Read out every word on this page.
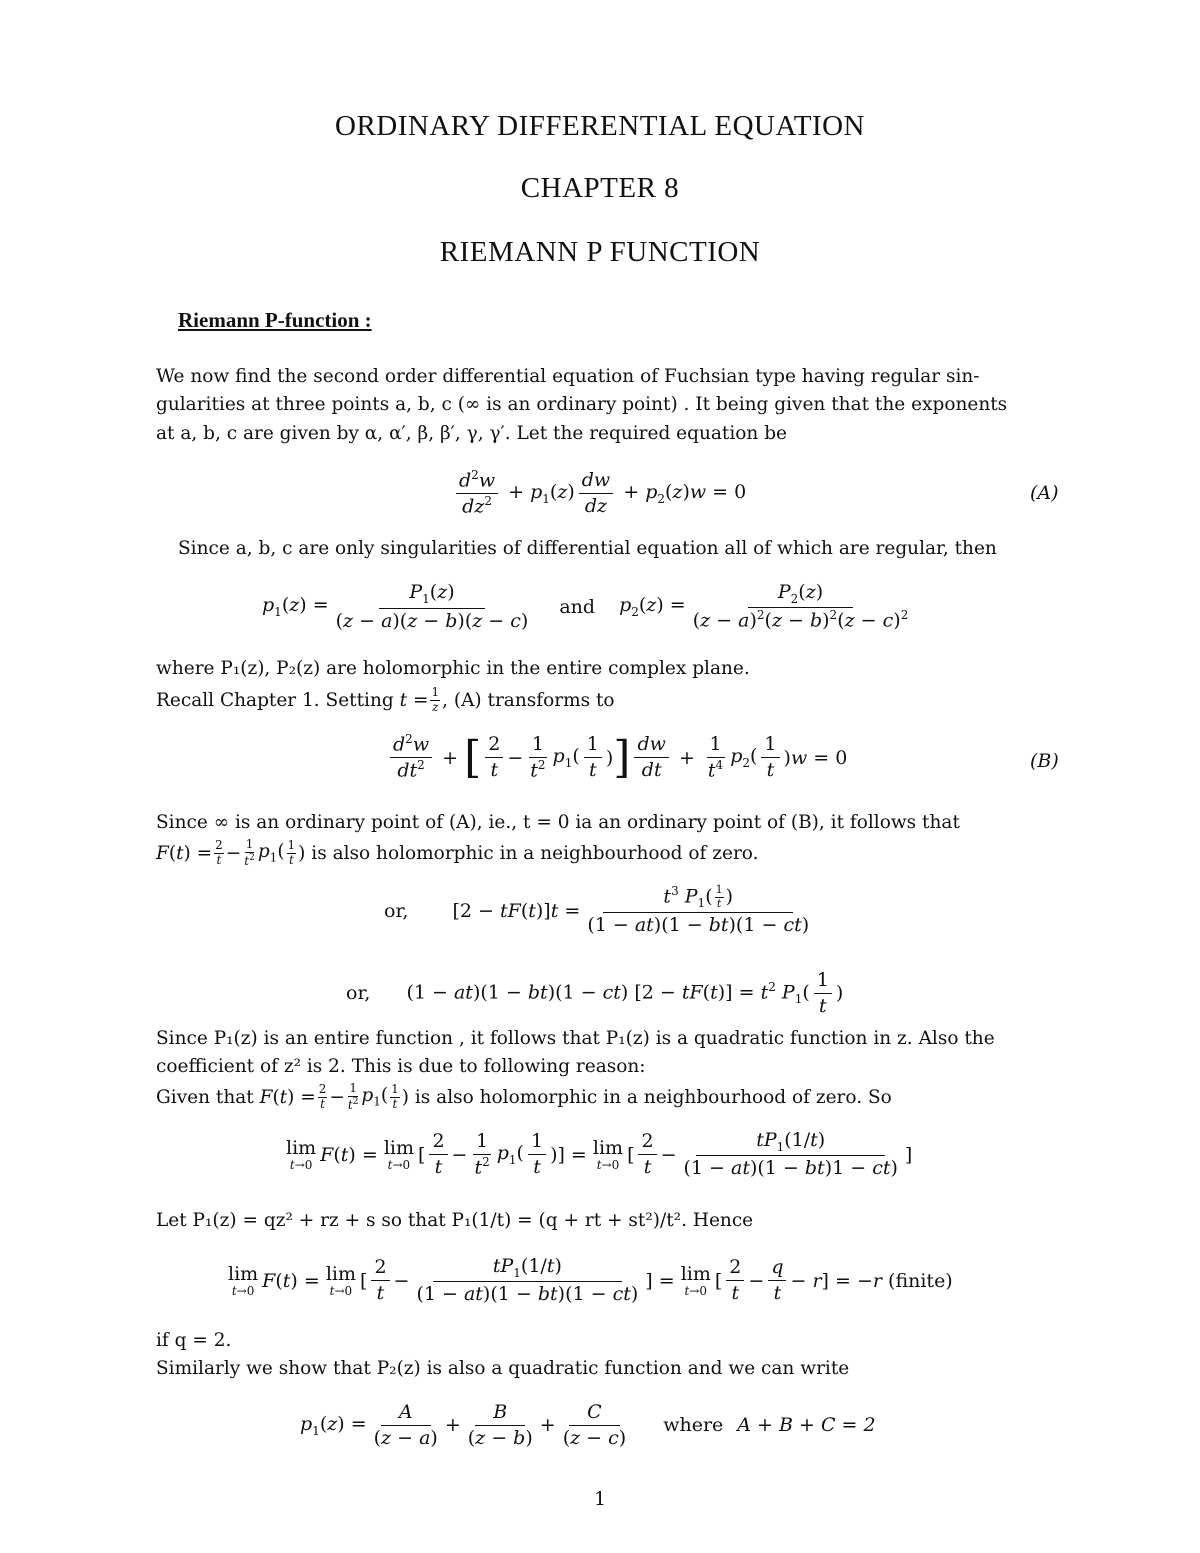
ORDINARY DIFFERENTIAL EQUATION
CHAPTER 8
RIEMANN P FUNCTION
Riemann P-function :
We now find the second order differential equation of Fuchsian type having regular sin-
gularities at three points a, b, c (∞ is an ordinary point) . It being given that the exponents
at a, b, c are given by α, α′, β, β′, γ, γ′. Let the required equation be
$\frac{d^2w}{dz^2} + p_1(z) \frac{dw}{dz} + p_2(z)w = 0$	(A)
Since a, b, c are only singularities of differential equation all of which are regular, then
$p_1(z) = \frac{P_1(z)}{(z - a)(z - b)(z - c)}$ and $p_2(z) = \frac{P_2(z)}{(z - a)^2(z - b)^2(z - c)^2}$
where P₁(z), P₂(z) are holomorphic in the entire complex plane.
Recall Chapter 1. Setting $t = \frac{1}{z}$ , (A) transforms to
$\frac{d^2w}{dt^2}$ + [ $\frac{2}{t} - \frac{1}{t^2} p_1( \frac{1}{t}$ ) ] $\frac{dw}{dt} + \frac{1}{t^4} p_2( \frac{1}{t} )w = 0$	(B)
Since ∞ is an ordinary point of (A), ie., t = 0 ia an ordinary point of (B), it follows that
$F(t) = \frac{2}{t} - \frac{1}{t^2} p_1$( 1
t ) is also holomorphic in a neighbourhood of zero.
or, $[2 - tF(t)]t = \frac{t^3 P_1( \frac{1}{t} )}{(1 - at)(1 - bt)(1 - ct)}$
or, (1 − at)(1 − bt)(1 − ct) $[2 - tF(t)] = t^2$ $P_1( \frac{1}{t}$ )
Since P₁(z) is an entire function , it follows that P₁(z) is a quadratic function in z. Also the
coefficient of z² is 2. This is due to following reason:
Given that $F(t) = \frac{2}{t} - \frac{1}{t^2} p_1$( 1
t ) is also holomorphic in a neighbourhood of zero. So
lim
t→0 F(t) = lim
t→0 [ $\frac{2}{t} - \frac{1}{t^2} p_1( \frac{1}{t}$ )] = lim
t→0 [ $\frac{2}{t} - \frac{tP_1(1/t)}{(1 - at)(1 - bt)1 - ct)}$ ]
Let P₁(z) = qz² + rz + s so that P₁(1/t) = (q + rt + st²)/t². Hence
lim
t→0 F(t) = lim
t→0 [ $\frac{2}{t} - \frac{tP_1(1/t)}{(1 - at)(1 - bt)(1 - ct)}$ ] = lim
t→0 [ $\frac{2}{t} - \frac{q}{t} - r] = -r$ (finite)
if q = 2.
Similarly we show that P₂(z) is also a quadratic function and we can write
$p_1(z) = \frac{A}{(z - a)} + \frac{B}{(z - b)} + \frac{C}{(z - c)}$ where A + B + C = 2
1
